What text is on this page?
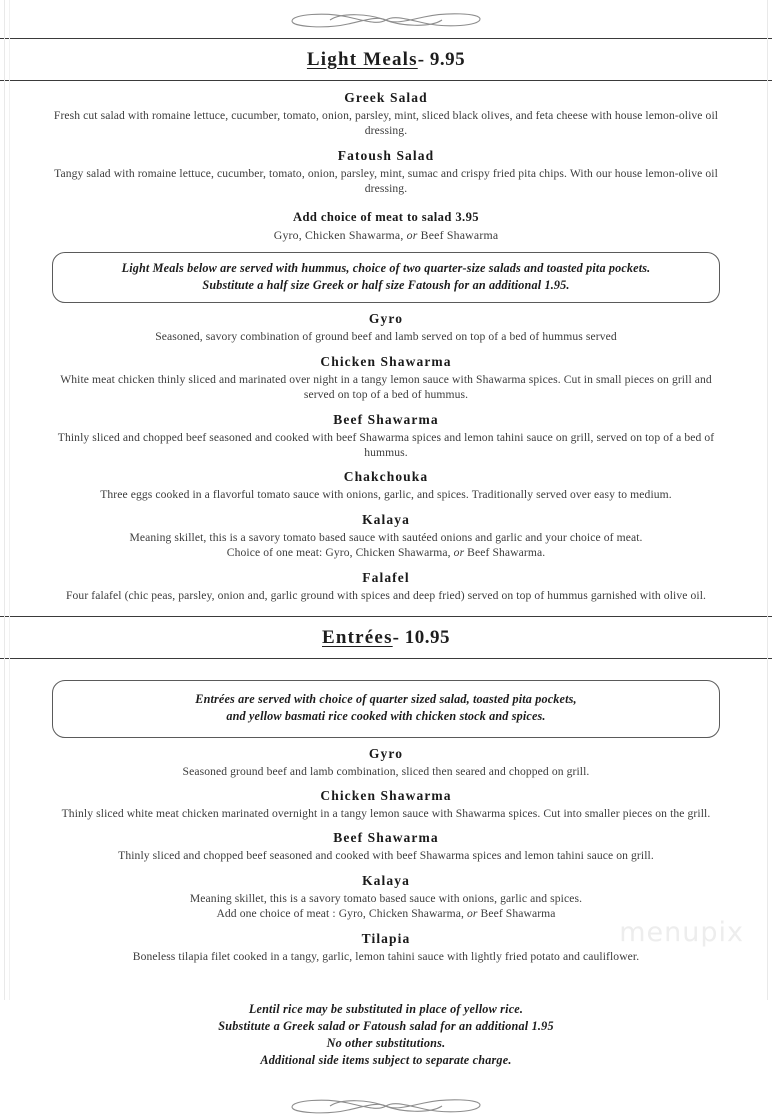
Light Meals- 9.95
Greek Salad
Fresh cut salad with romaine lettuce, cucumber, tomato, onion, parsley, mint, sliced black olives, and feta cheese with house lemon-olive oil dressing.
Fatoush Salad
Tangy salad with romaine lettuce, cucumber, tomato, onion, parsley, mint, sumac and crispy fried pita chips. With our house lemon-olive oil dressing.
Add choice of meat to salad 3.95
Gyro, Chicken Shawarma, or Beef Shawarma
Light Meals below are served with hummus, choice of two quarter-size salads and toasted pita pockets.
Substitute a half size Greek or half size Fatoush for an additional 1.95.
Gyro
Seasoned, savory combination of ground beef and lamb served on top of a bed of hummus served
Chicken Shawarma
White meat chicken thinly sliced and marinated over night in a tangy lemon sauce with Shawarma spices. Cut in small pieces on grill and served on top of a bed of hummus.
Beef Shawarma
Thinly sliced and chopped beef seasoned and cooked with beef Shawarma spices and lemon tahini sauce on grill, served on top of a bed of hummus.
Chakchouka
Three eggs cooked in a flavorful tomato sauce with onions, garlic, and spices. Traditionally served over easy to medium.
Kalaya
Meaning skillet, this is a savory tomato based sauce with sautéed onions and garlic and your choice of meat.
Choice of one meat: Gyro, Chicken Shawarma, or Beef Shawarma.
Falafel
Four falafel (chic peas, parsley, onion and, garlic ground with spices and deep fried) served on top of hummus garnished with olive oil.
Entrées- 10.95
Entrées are served with choice of quarter sized salad, toasted pita pockets,
and yellow basmati rice cooked with chicken stock and spices.
Gyro
Seasoned ground beef and lamb combination, sliced then seared and chopped on grill.
Chicken Shawarma
Thinly sliced white meat chicken marinated overnight in a tangy lemon sauce with Shawarma spices. Cut into smaller pieces on the grill.
Beef Shawarma
Thinly sliced and chopped beef seasoned and cooked with beef Shawarma spices and lemon tahini sauce on grill.
Kalaya
Meaning skillet, this is a savory tomato based sauce with onions, garlic and spices.
Add one choice of meat : Gyro, Chicken Shawarma, or Beef Shawarma
Tilapia
Boneless tilapia filet cooked in a tangy, garlic, lemon tahini sauce with lightly fried potato and cauliflower.
Lentil rice may be substituted in place of yellow rice.
Substitute a Greek salad or Fatoush salad for an additional 1.95
No other substitutions.
Additional side items subject to separate charge.
menupix
